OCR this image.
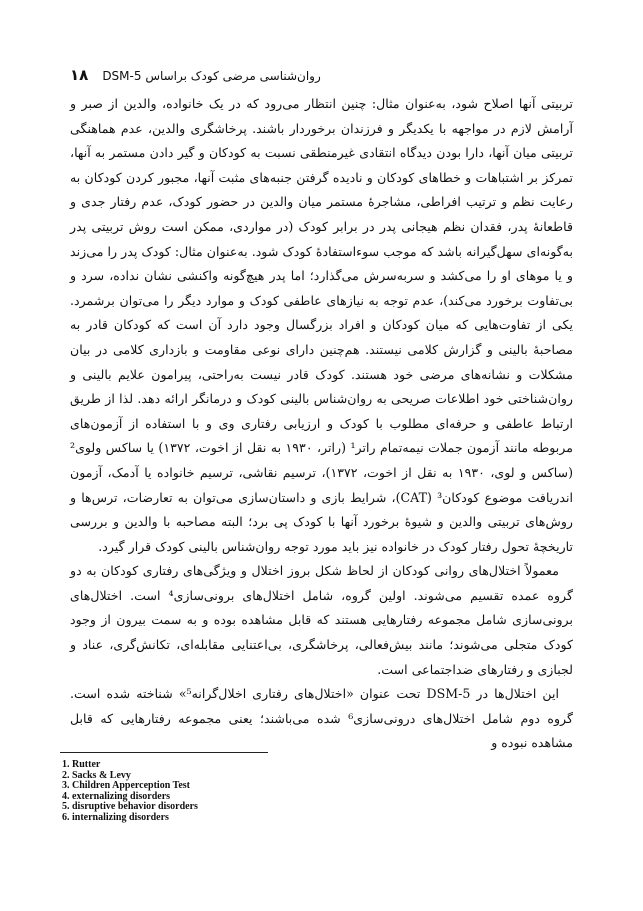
۱۸ روان‌شناسی مرضی کودک براساس DSM-5

تربیتی آنها اصلاح شود، به‌عنوان مثال: چنین انتظار می‌رود که در یک خانواده، والدین از صبر و آرامش لازم در مواجهه با یکدیگر و فرزندان برخوردار باشند. پرخاشگری والدین، عدم هماهنگی تربیتی میان آنها، دارا بودن دیدگاه انتقادی غیرمنطقی نسبت به کودکان و گیر دادن مستمر به آنها، تمرکز بر اشتباهات و خطاهای کودکان و نادیده گرفتن جنبه‌های مثبت آنها، مجبور کردن کودکان به رعایت نظم و ترتیب افراطی، مشاجرهٔ مستمر میان والدین در حضور کودک، عدم رفتار جدی و قاطعانهٔ پدر، فقدان نظم هیجانی پدر در برابر کودک (در مواردی، ممکن است روش تربیتی پدر به‌گونه‌ای سهل‌گیرانه باشد که موجب سوءاستفادهٔ کودک شود. به‌عنوان مثال: کودک پدر را می‌زند و یا موهای او را می‌کشد و سربه‌سرش می‌گذارد؛ اما پدر هیچ‌گونه واکنشی نشان نداده، سرد و بی‌تفاوت برخورد می‌کند)، عدم توجه به نیازهای عاطفی کودک و موارد دیگر را می‌توان برشمرد. یکی از تفاوت‌هایی که میان کودکان و افراد بزرگسال وجود دارد آن است که کودکان قادر به مصاحبهٔ بالینی و گزارش کلامی نیستند. هم‌چنین دارای نوعی مقاومت و بازداری کلامی در بیان مشکلات و نشانه‌های مرضی خود هستند. کودک قادر نیست به‌راحتی، پیرامون علایم بالینی و روان‌شناختی خود اطلاعات صریحی به روان‌شناس بالینی کودک و درمانگر ارائه دهد. لذا از طریق ارتباط عاطفی و حرفه‌ای مطلوب با کودک و ارزیابی رفتاری وی و با استفاده از آزمون‌های مربوطه مانند آزمون جملات نیمه‌تمام راتر¹ (راتر، ۱۹۳۰ به نقل از اخوت، ۱۳۷۲) یا ساکس ولوی² (ساکس و لوی، ۱۹۳۰ به نقل از اخوت، ۱۳۷۲)، ترسیم نقاشی، ترسیم خانواده یا آدمک، آزمون اندریافت موضوع کودکان³ (CAT)، شرایط بازی و داستان‌سازی می‌توان به تعارضات، ترس‌ها و روش‌های تربیتی والدین و شیوهٔ برخورد آنها با کودک پی برد؛ البته مصاحبه با والدین و بررسی تاریخچهٔ تحول رفتار کودک در خانواده نیز باید مورد توجه روان‌شناس بالینی کودک قرار گیرد.

معمولاً اختلال‌های روانی کودکان از لحاظ شکل بروز اختلال و ویژگی‌های رفتاری کودکان به دو گروه عمده تقسیم می‌شوند. اولین گروه، شامل اختلال‌های برونی‌سازی⁴ است. اختلال‌های برونی‌سازی شامل مجموعه رفتارهایی هستند که قابل مشاهده بوده و به سمت بیرون از وجود کودک متجلی می‌شوند؛ مانند بیش‌فعالی، پرخاشگری، بی‌اعتنایی مقابله‌ای، تکانش‌گری، عناد و لجبازی و رفتارهای ضداجتماعی است.

این اختلال‌ها در DSM-5 تحت عنوان «اختلال‌های رفتاری اخلال‌گرانه⁵» شناخته شده است. گروه دوم شامل اختلال‌های درونی‌سازی⁶ شده می‌باشند؛ یعنی مجموعه رفتارهایی که قابل مشاهده نبوده و

1. Rutter
2. Sacks & Levy
3. Children Apperception Test
4. externalizing disorders
5. disruptive behavior disorders
6. internalizing disorders
